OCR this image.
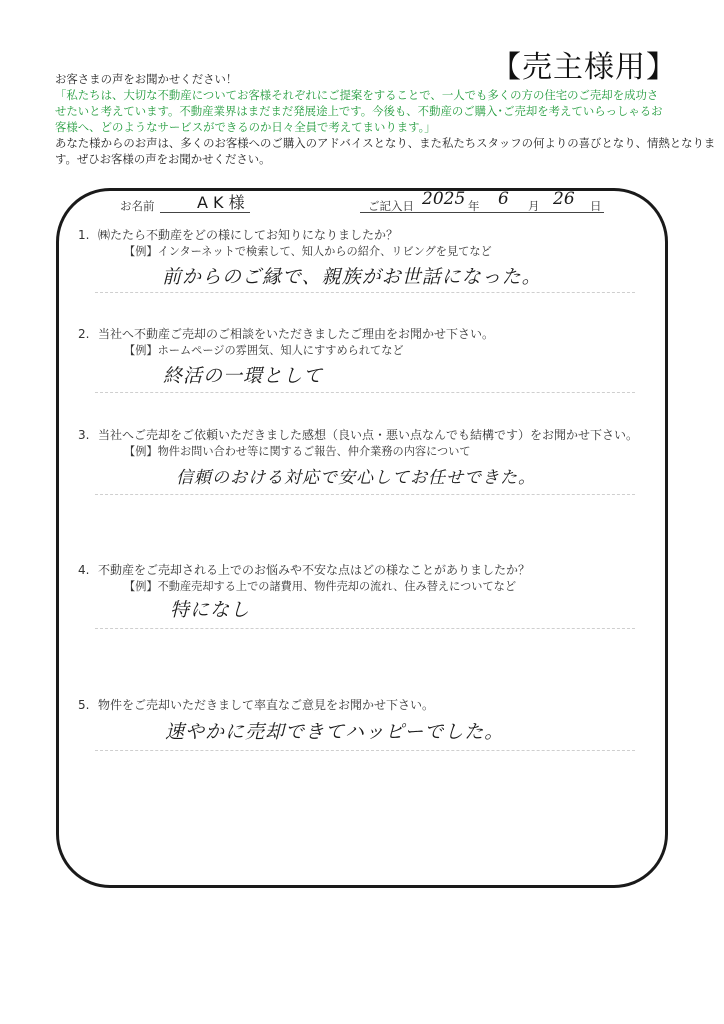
【売主様用】
お客さまの声をお聞かせください！
「私たちは、大切な不動産についてお客様それぞれにご提案をすることで、一人でも多くの方の住宅のご売却を成功さ
せたいと考えています。不動産業界はまだまだ発展途上です。今後も、不動産のご購入･ご売却を考えていらっしゃるお
客様へ、どのようなサービスができるのか日々全員で考えてまいります。」
あなた様からのお声は、多くのお客様へのご購入のアドバイスとなり、また私たちスタッフの何よりの喜びとなり、情熱となりま
す。ぜひお客様の声をお聞かせください。
お名前	A K 様	ご記入日 2025 年 6 月 26 日
1. ㈱たたら不動産をどの様にしてお知りになりましたか？
【例】インターネットで検索して、知人からの紹介、リビングを見てなど
前からのご縁で、親族がお世話になった。
2. 当社へ不動産ご売却のご相談をいただきましたご理由をお聞かせ下さい。
【例】ホームページの雰囲気、知人にすすめられてなど
終活の一環として
3. 当社へご売却をご依頼いただきました感想（良い点・悪い点なんでも結構です）をお聞かせ下さい。
【例】物件お問い合わせ等に関するご報告、仲介業務の内容について
信頼のおける対応で安心してお任せできた。
4. 不動産をご売却される上でのお悩みや不安な点はどの様なことがありましたか？
【例】不動産売却する上での諸費用、物件売却の流れ、住み替えについてなど
特になし
5. 物件をご売却いただきまして率直なご意見をお聞かせ下さい。
速やかに売却できてハッピーでした。
